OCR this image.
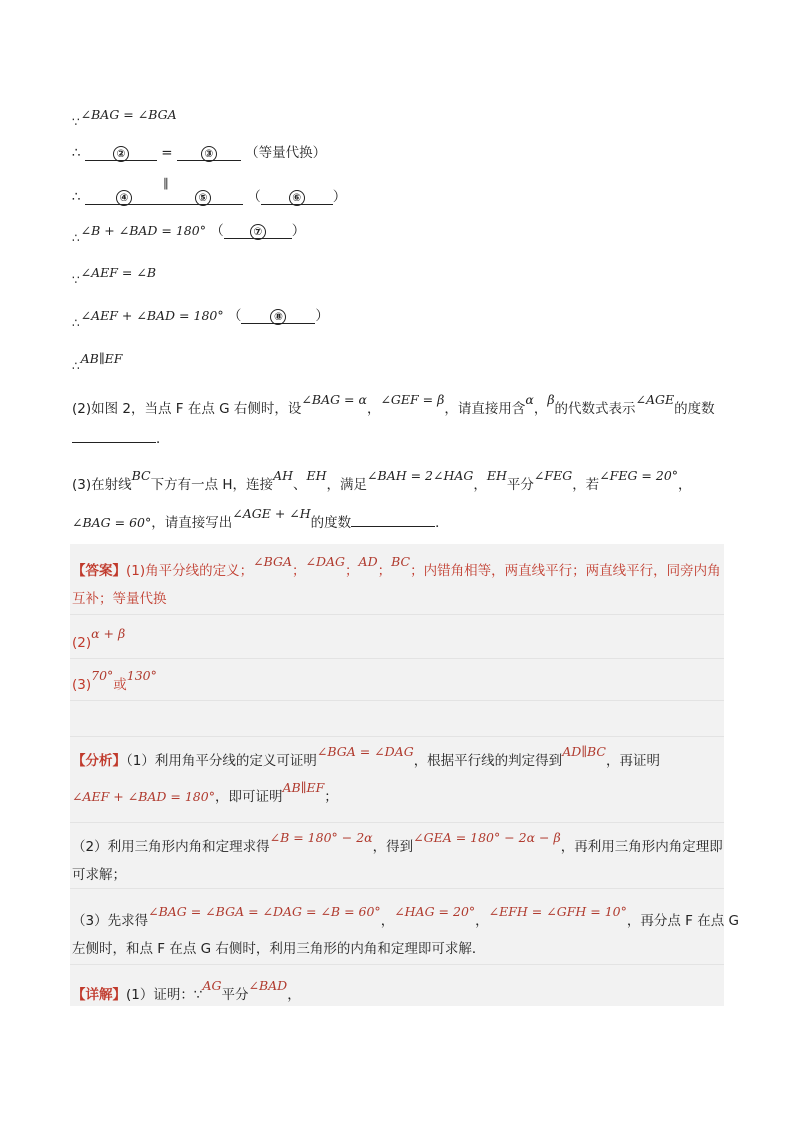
∵∠BAG = ∠BGA
∴	②	=	③ （等量代换）
∴	④
∥
⑤	（	⑥ ）
∴∠B + ∠BAD = 180° （	⑦ ）
∵∠AEF = ∠B
∴∠AEF + ∠BAD = 180° （	⑧ ）
∴AB∥EF
(2)如图 2，当点 F 在点 G 右侧时，设∠BAG = α，∠GEF = β，请直接用含α，β的代数式表示∠AGE的度数
．
(3)在射线BC下方有一点 H，连接AH、EH，满足∠BAH = 2∠HAG，EH平分∠FEG，若∠FEG = 20°，
∠BAG = 60°，请直接写出∠AGE + ∠H的度数	．
【答案】(1)角平分线的定义；∠BGA；∠DAG；AD；BC；内错角相等，两直线平行；两直线平行，同旁内角
互补；等量代换
(2)α + β
(3)70°或130°
【分析】（1）利用角平分线的定义可证明∠BGA = ∠DAG，根据平行线的判定得到AD∥BC，再证明
∠AEF + ∠BAD = 180°，即可证明AB∥EF；
（2）利用三角形内角和定理求得∠B = 180° − 2α，得到∠GEA = 180° − 2α − β，再利用三角形内角定理即
可求解；
（3）先求得∠BAG = ∠BGA = ∠DAG = ∠B = 60°，∠HAG = 20°，∠EFH = ∠GFH = 10°，再分点 F 在点 G
左侧时，和点 F 在点 G 右侧时，利用三角形的内角和定理即可求解．
【详解】(1）证明：∵AG平分∠BAD，
